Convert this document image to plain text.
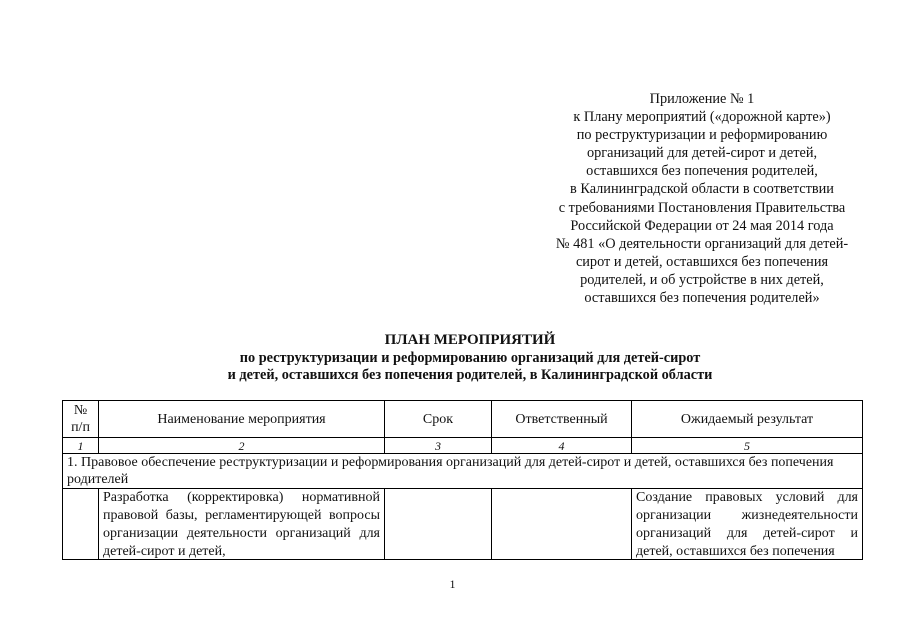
Приложение № 1
к Плану мероприятий («дорожной карте»)
по реструктуризации и реформированию
организаций для детей-сирот и детей,
оставшихся без попечения родителей,
в Калининградской области в соответствии
с требованиями Постановления Правительства
Российской Федерации от 24 мая 2014 года
№ 481 «О деятельности организаций для детей-
сирот и детей, оставшихся без попечения
родителей, и об устройстве в них детей,
оставшихся без попечения родителей»
ПЛАН МЕРОПРИЯТИЙ
по реструктуризации и реформированию организаций для детей-сирот
и детей, оставшихся без попечения родителей, в Калининградской области
№ п/п	Наименование мероприятия	Срок	Ответственный	Ожидаемый результат
1	2	3	4	5
1. Правовое обеспечение реструктуризации и реформирования организаций для детей-сирот и детей, оставшихся без попечения родителей				

	Разработка (корректировка) нормативной правовой базы, регламентирующей вопросы организации деятельности организаций для детей-сирот и детей,			Создание правовых условий для организации жизнедеятельности организаций для детей-сирот и детей, оставшихся без попечения
1
